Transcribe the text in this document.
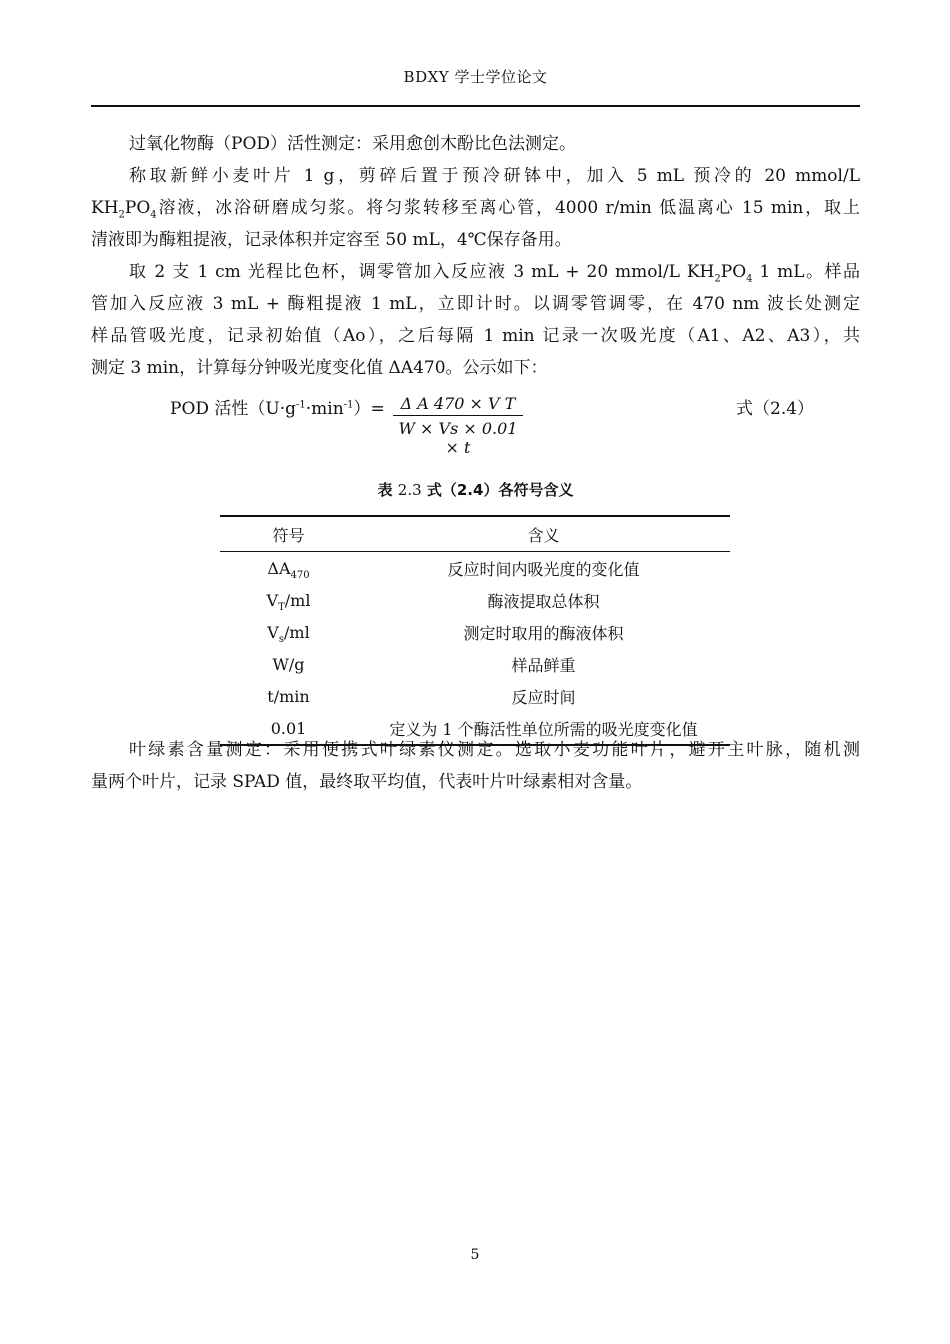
BDXY 学士学位论文
过氧化物酶（POD）活性测定：采用愈创木酚比色法测定。
称取新鲜小麦叶片 1 g，剪碎后置于预冷研钵中，加入 5 mL 预冷的 20 mmol/L
$KH_2PO_4$溶液，冰浴研磨成匀浆。将匀浆转移至离心管，4000 r/min 低温离心 15 min，取上
清液即为酶粗提液，记录体积并定容至 50 mL，4℃保存备用。
取 2 支 1 cm 光程比色杯，调零管加入反应液 3 mL + 20 mmol/L $KH_2PO_4$ 1 mL。样品
管加入反应液 3 mL + 酶粗提液 1 mL，立即计时。以调零管调零，在 470 nm 波长处测定
样品管吸光度，记录初始值（Ao），之后每隔 1 min 记录一次吸光度（A1、A2、A3），共
测定 3 min，计算每分钟吸光度变化值 ΔA470。公示如下：
POD 活性$(U\cdot g^{-1}\cdot\min^{-1})= \frac{\text{Δ A 470 × V T}}{W \times Vs \times 0.01 \times t}$	式（2.4）
表 2.3 式（2.4）各符号含义
符号	含义
$\Delta A_{470}$	反应时间内吸光度的变化值
$V_T/ml$	酶液提取总体积
$V_s/ml$	测定时取用的酶液体积
W/g	样品鲜重
t/min	反应时间
0.01	定义为 1 个酶活性单位所需的吸光度变化值
叶绿素含量测定：采用便携式叶绿素仪测定。选取小麦功能叶片，避开主叶脉，随机测
量两个叶片，记录 SPAD 值，最终取平均值，代表叶片叶绿素相对含量。
5
